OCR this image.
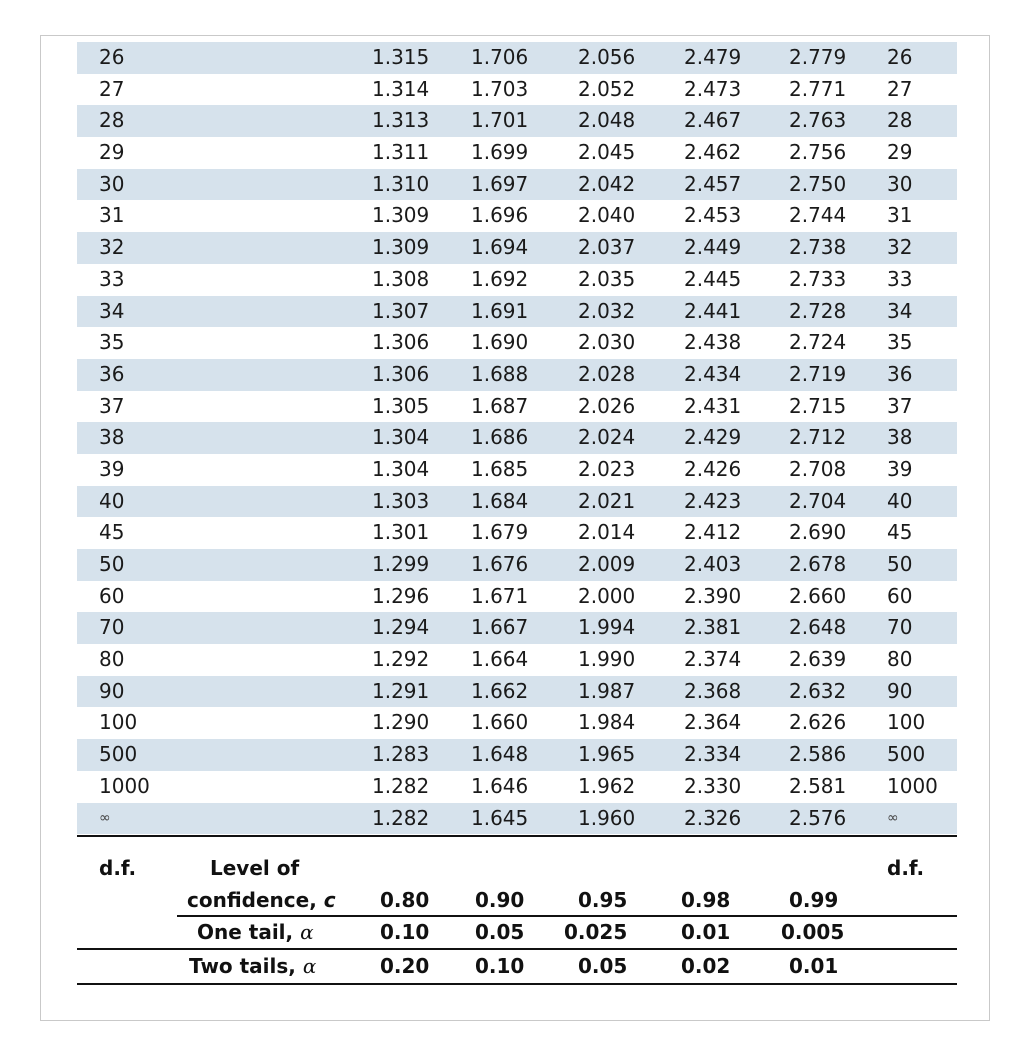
26	1.315 1.706 2.056 2.479 2.779 26
27	1.314 1.703 2.052 2.473 2.771 27
28	1.313 1.701 2.048 2.467 2.763 28
29	1.311 1.699 2.045 2.462 2.756 29
30	1.310 1.697 2.042 2.457 2.750 30
31	1.309 1.696 2.040 2.453 2.744 31
32	1.309 1.694 2.037 2.449 2.738 32
33	1.308 1.692 2.035 2.445 2.733 33
34	1.307 1.691 2.032 2.441 2.728 34
35	1.306 1.690 2.030 2.438 2.724 35
36	1.306 1.688 2.028 2.434 2.719 36
37	1.305 1.687 2.026 2.431 2.715 37
38	1.304 1.686 2.024 2.429 2.712 38
39	1.304 1.685 2.023 2.426 2.708 39
40	1.303 1.684 2.021 2.423 2.704 40
45	1.301 1.679 2.014 2.412 2.690 45
50	1.299 1.676 2.009 2.403 2.678 50
60	1.296 1.671 2.000 2.390 2.660 60
70	1.294 1.667 1.994 2.381 2.648 70
80	1.292 1.664 1.990 2.374 2.639 80
90	1.291 1.662 1.987 2.368 2.632 90
100	1.290 1.660 1.984 2.364 2.626 100
500	1.283 1.648 1.965 2.334 2.586 500
1000	1.282 1.646 1.962 2.330 2.581 1000
∞	1.282 1.645 1.960 2.326 2.576	∞
d.f.	Level of	d.f.
confidence, c 0.80 0.90	0.95	0.98	0.99
One tail, α	0.10 0.05 0.025	0.01	0.005
Two tails, α	0.20 0.10	0.05	0.02	0.01
